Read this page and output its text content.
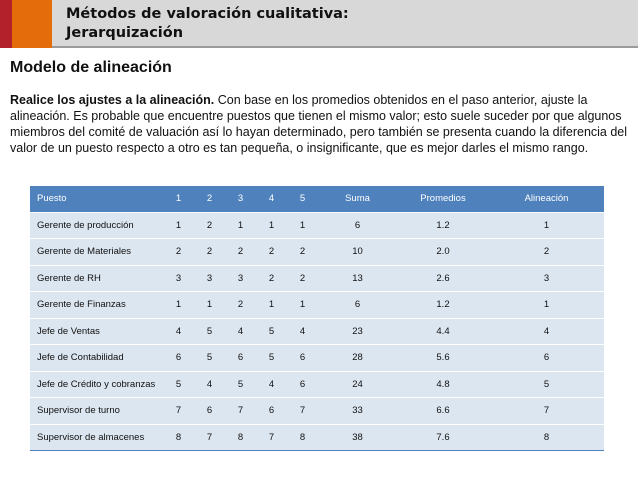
Métodos de valoración cualitativa:
Jerarquización
Modelo de alineación

Realice los ajustes a la alineación. Con base en los promedios obtenidos en el paso anterior, ajuste la alineación. Es probable que encuentre puestos que tienen el mismo valor; esto suele suceder por que algunos miembros del comité de valuación así lo hayan determinado, pero también se presenta cuando la diferencia del valor de un puesto respecto a otro es tan pequeña, o insignificante, que es mejor darles el mismo rango.

Puesto	1	2	3	4	5	Suma	Promedios	Alineación
Gerente de producción	1	2	1	1	1	6	1.2	1
Gerente de Materiales	2	2	2	2	2	10	2.0	2
Gerente de RH	3	3	3	2	2	13	2.6	3
Gerente de Finanzas	1	1	2	1	1	6	1.2	1
Jefe de Ventas	4	5	4	5	4	23	4.4	4
Jefe de Contabilidad	6	5	6	5	6	28	5.6	6
Jefe de Crédito y cobranzas	5	4	5	4	6	24	4.8	5
Supervisor de turno	7	6	7	6	7	33	6.6	7
Supervisor de almacenes	8	7	8	7	8	38	7.6	8
